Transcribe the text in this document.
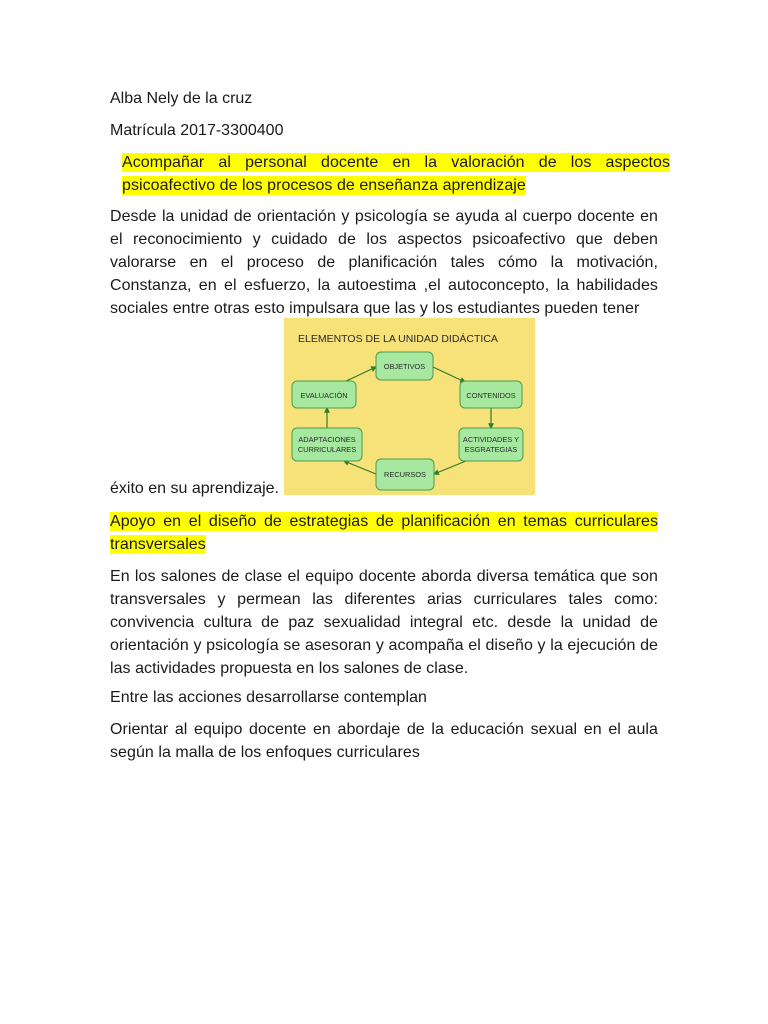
Alba Nely de la cruz
Matrícula 2017-3300400
Acompañar al personal docente en la valoración de los aspectos psicoafectivo de los procesos de enseñanza aprendizaje
Desde la unidad de orientación y psicología se ayuda al cuerpo docente en el reconocimiento y cuidado de los aspectos psicoafectivo que deben valorarse en el proceso de planificación tales cómo la motivación, Constanza, en el esfuerzo, la autoestima ,el autoconcepto, la habilidades sociales entre otras esto impulsara que las y los estudiantes pueden tener
éxito en su aprendizaje.
ELEMENTOS DE LA UNIDAD DIDÁCTICA
OBJETIVOS
CONTENIDOS
ACTIVIDADES Y
ESGRATEGIAS
RECURSOS
ADAPTACIONES
CURRICULARES
EVALUACIÓN
Apoyo en el diseño de estrategias de planificación en temas curriculares transversales
En los salones de clase el equipo docente aborda diversa temática que son transversales y permean las diferentes arias curriculares tales como: convivencia cultura de paz sexualidad integral etc. desde la unidad de orientación y psicología se asesoran y acompaña el diseño y la ejecución de las actividades propuesta en los salones de clase.
Entre las acciones desarrollarse contemplan
Orientar al equipo docente en abordaje de la educación sexual en el aula según la malla de los enfoques curriculares
